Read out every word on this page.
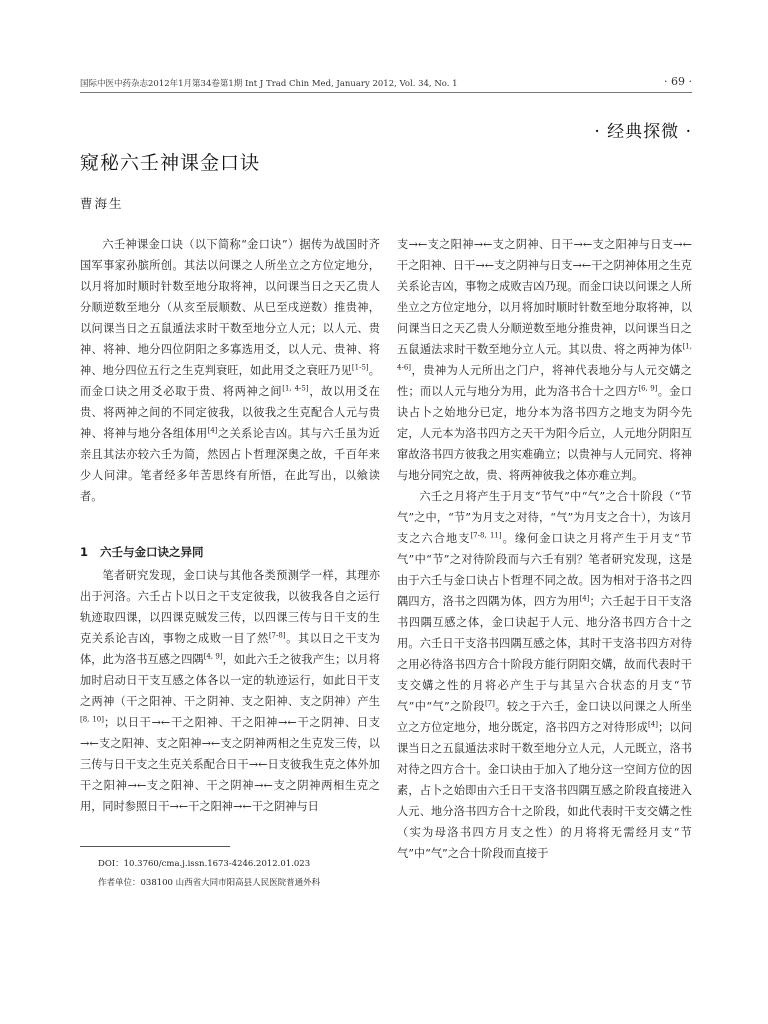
国际中医中药杂志2012年1月第34卷第1期 Int J Trad Chin Med, January 2012, Vol. 34, No. 1	· 69 ·
· 经典探微 ·
窥秘六壬神课金口诀
曹海生

六壬神课金口诀（以下简称“金口诀”）据传为战国时齐国军事家孙膑所创。其法以问课之人所坐立之方位定地分，以月将加时顺时针数至地分取将神，以问课当日之天乙贵人分顺逆数至地分（从亥至辰顺数、从巳至戌逆数）推贵神，以问课当日之五鼠遁法求时干数至地分立人元；以人元、贵神、将神、地分四位阴阳之多寡选用爻，以人元、贵神、将神、地分四位五行之生克判衰旺，如此用爻之衰旺乃见[1-5]。而金口诀之用爻必取于贵、将两神之间[1, 4-5]，故以用爻在贵、将两神之间的不同定彼我，以彼我之生克配合人元与贵神、将神与地分各组体用[4]之关系论吉凶。其与六壬虽为近亲且其法亦较六壬为简，然因占卜哲理深奥之故，千百年来少人问津。笔者经多年苦思终有所悟，在此写出，以飨读者。

1 六壬与金口诀之异同

笔者研究发现，金口诀与其他各类预测学一样，其理亦出于河洛。六壬占卜以日之干支定彼我，以彼我各自之运行轨迹取四课，以四课克贼发三传，以四课三传与日干支的生克关系论吉凶，事物之成败一目了然[7-8]。其以日之干支为体，此为洛书互感之四隅[4, 9]，如此六壬之彼我产生；以月将加时启动日干支互感之体各以一定的轨迹运行，如此日干支之两神（干之阳神、干之阴神、支之阳神、支之阴神）产生[8, 10]；以日干→←干之阳神、干之阳神→←干之阴神、日支→←支之阳神、支之阳神→←支之阴神两相之生克发三传，以三传与日干支之生克关系配合日干→←日支彼我生克之体外加干之阳神→←支之阳神、干之阴神→←支之阴神两相生克之用，同时参照日干→←干之阳神→←干之阴神与日

支→←支之阳神→←支之阴神、日干→←支之阳神与日支→←干之阳神、日干→←支之阴神与日支→←干之阴神体用之生克关系论吉凶，事物之成败吉凶乃现。而金口诀以问课之人所坐立之方位定地分，以月将加时顺时针数至地分取将神，以问课当日之天乙贵人分顺逆数至地分推贵神，以问课当日之五鼠遁法求时干数至地分立人元。其以贵、将之两神为体[1, 4-6]，贵神为人元所出之门户，将神代表地分与人元交媾之性；而以人元与地分为用，此为洛书合十之四方[6, 9]。金口诀占卜之始地分已定，地分本为洛书四方之地支为阴今先定，人元本为洛书四方之天干为阳今后立，人元地分阴阳互窜故洛书四方彼我之用实难确立；以贵神与人元同究、将神与地分同究之故，贵、将两神彼我之体亦难立判。

六壬之月将产生于月支“节气”中“气”之合十阶段（“节气”之中，“节”为月支之对待，“气”为月支之合十），为该月支之六合地支[7-8, 11]。缘何金口诀之月将产生于月支“节气”中“节”之对待阶段而与六壬有别？笔者研究发现，这是由于六壬与金口诀占卜哲理不同之故。因为相对于洛书之四隅四方，洛书之四隅为体，四方为用[4]；六壬起于日干支洛书四隅互感之体，金口诀起于人元、地分洛书四方合十之用。六壬日干支洛书四隅互感之体，其时干支洛书四方对待之用必待洛书四方合十阶段方能行阴阳交媾，故而代表时干支交媾之性的月将必产生于与其呈六合状态的月支“节气”中“气”之阶段[7]。较之于六壬，金口诀以问课之人所坐立之方位定地分，地分既定，洛书四方之对待形成[4]；以问课当日之五鼠遁法求时干数至地分立人元，人元既立，洛书对待之四方合十。金口诀由于加入了地分这一空间方位的因素，占卜之始即由六壬日干支洛书四隅互感之阶段直接进入人元、地分洛书四方合十之阶段，如此代表时干支交媾之性（实为母洛书四方月支之性）的月将将无需经月支“节气”中“气”之合十阶段而直接于

DOI：10.3760/cma.j.issn.1673-4246.2012.01.023
作者单位：038100 山西省大同市阳高县人民医院普通外科
